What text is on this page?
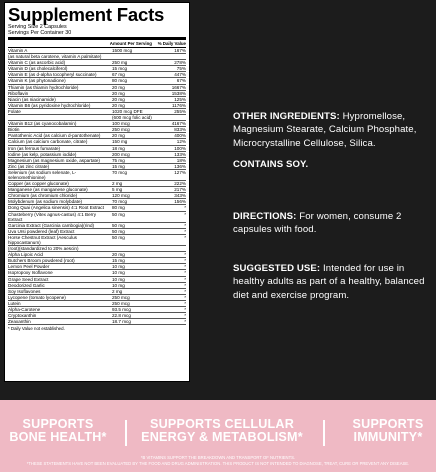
Supplement Facts
Serving Size 2 Capsules
Servings Per Container 30
Amount Per Serving	% Daily Value
Vitamin A	1500 mcg	167%
(as natural beta carotene, vitamin A palmitate)
Vitamin C (as ascorbic acid)	250 mg	278%
Vitamin D (as cholecalciferol)	15 mcg	75%
Vitamin E (as d-alpha tocopheryl succinate)	67 mg	447%
Vitamin K (as phytonadione)	80 mcg	67%
Thiamin (as thiamin hydrochloride)	20 mg	1667%
Riboflavin	20 mg	1538%
Niacin (as niacinamide)	20 mg	125%
Vitamin B6 (as pyridoxine hydrochloride)	20 mg	1176%
Folate	1020 mcg DFE	255%
(600 mcg folic acid)
Vitamin B12 (as cyanocobalamin)	100 mcg	4167%
Biotin	250 mcg	833%
Pantothenic Acid (as calcium d-pantothenate)	20 mg	400%
Calcium (as calcium carbonate, citrate)	150 mg	12%
Iron (as ferrous fumarate)	18 mg	100%
Iodine (as kelp, potassium iodide)	200 mcg	133%
Magnesium (as magnesium oxide, aspartate)	75 mg	18%
Zinc (as zinc citrate)	15 mg	136%
Selenium (as sodium selenate, L-selenomethionine)
70 mcg	127%
Copper (as copper gluconate)	2 mg	222%
Manganese (as manganese gluconate)	5 mg	217%
Chromium (as chromium chloride)	120 mcg	343%
Molybdenum (as sodium molybdate)	70 mcg	156%
Dong Quai (Angelica sinensis) 4:1 Root Extract	80 mg	*
Chasteberry (Vitex agnus-castus) 4:1 Berry Extract
50 mg	*
Garcinia Extract (Garcinia cambogia)(rind)	50 mg	*
Uva Ursi powdered (leaf) Extract	50 mg	*
Horse Chestnut Extract (Aesculus hippocastanum)
50 mg	*
(root)(standardized to 20% aescin)
Alpha Lipoic Acid	20 mg	*
Butchers Broom powdered (root)	15 mg	*
Lemon Peel Powder	10 mg	*
Isopropoxy Isoflavone	10 mg	*
Grape Seed Extract	10 mg	*
Deodorized Garlic	10 mg	*
Soy Isoflavones	2 mg	*
Lycopene (tomato lycopene)	250 mcg	*
Lutein	250 mcg	*
Alpha-Carotene	93.5 mcg	*
Cryptoxanthin	22.8 mcg	*
Zeaxanthin	18.7 mcg	*
* Daily Value not established.
OTHER INGREDIENTS: Hypromellose, Magnesium Stearate, Calcium Phosphate, Microcrystalline Cellulose, Silica.
CONTAINS SOY.
DIRECTIONS: For women, consume 2 capsules with food.
SUGGESTED USE: Intended for use in healthy adults as part of a healthy, balanced diet and exercise program.
SUPPORTS
BONE HEALTH*
SUPPORTS CELLULAR
ENERGY & METABOLISM*
SUPPORTS
IMMUNITY*
*B VITAMINS SUPPORT THE BREAKDOWN AND TRANSPORT OF NUTRIENTS.
*THESE STATEMENTS HAVE NOT BEEN EVALUATED BY THE FOOD AND DRUG ADMINISTRATION. THIS PRODUCT IS NOT INTENDED TO DIAGNOSE, TREAT, CURE OR PREVENT ANY DISEASE.
